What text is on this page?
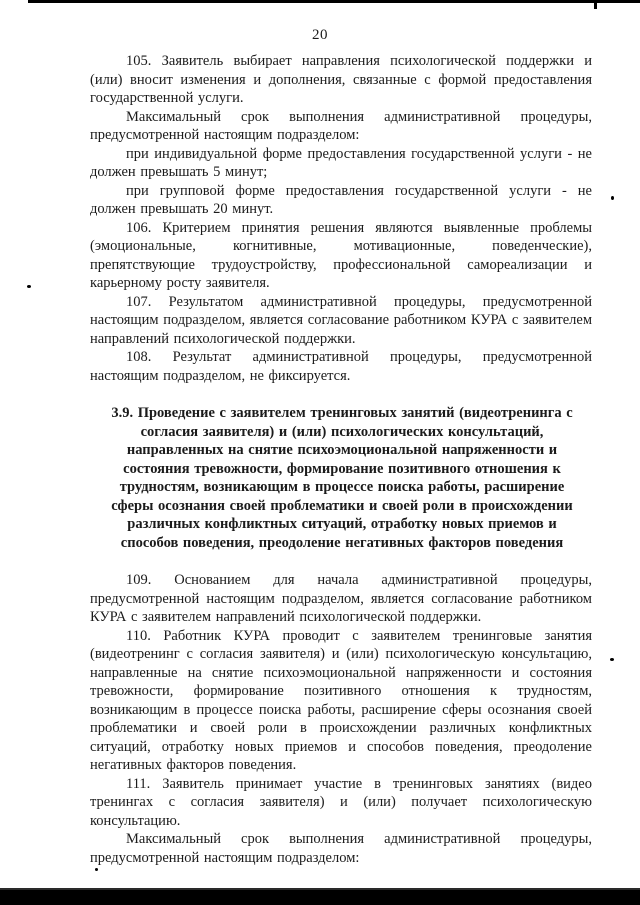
20

105. Заявитель выбирает направления психологической поддержки и (или) вносит изменения и дополнения, связанные с формой предоставления государственной услуги.

Максимальный срок выполнения административной процедуры, предусмотренной настоящим подразделом:

при индивидуальной форме предоставления государственной услуги - не должен превышать 5 минут;

при групповой форме предоставления государственной услуги - не должен превышать 20 минут.

106. Критерием принятия решения являются выявленные проблемы (эмоциональные, когнитивные, мотивационные, поведенческие), препятствующие трудоустройству, профессиональной самореализации и карьерному росту заявителя.

107. Результатом административной процедуры, предусмотренной настоящим подразделом, является согласование работником КУРА с заявителем направлений психологической поддержки.

108. Результат административной процедуры, предусмотренной настоящим подразделом, не фиксируется.

3.9. Проведение с заявителем тренинговых занятий (видеотренинга с согласия заявителя) и (или) психологических консультаций, направленных на снятие психоэмоциональной напряженности и состояния тревожности, формирование позитивного отношения к трудностям, возникающим в процессе поиска работы, расширение сферы осознания своей проблематики и своей роли в происхождении различных конфликтных ситуаций, отработку новых приемов и способов поведения, преодоление негативных факторов поведения

109. Основанием для начала административной процедуры, предусмотренной настоящим подразделом, является согласование работником КУРА с заявителем направлений психологической поддержки.

110. Работник КУРА проводит с заявителем тренинговые занятия (видеотренинг с согласия заявителя) и (или) психологическую консультацию, направленные на снятие психоэмоциональной напряженности и состояния тревожности, формирование позитивного отношения к трудностям, возникающим в процессе поиска работы, расширение сферы осознания своей проблематики и своей роли в происхождении различных конфликтных ситуаций, отработку новых приемов и способов поведения, преодоление негативных факторов поведения.

111. Заявитель принимает участие в тренинговых занятиях (видео тренингах с согласия заявителя) и (или) получает психологическую консультацию.

Максимальный срок выполнения административной процедуры, предусмотренной настоящим подразделом:
